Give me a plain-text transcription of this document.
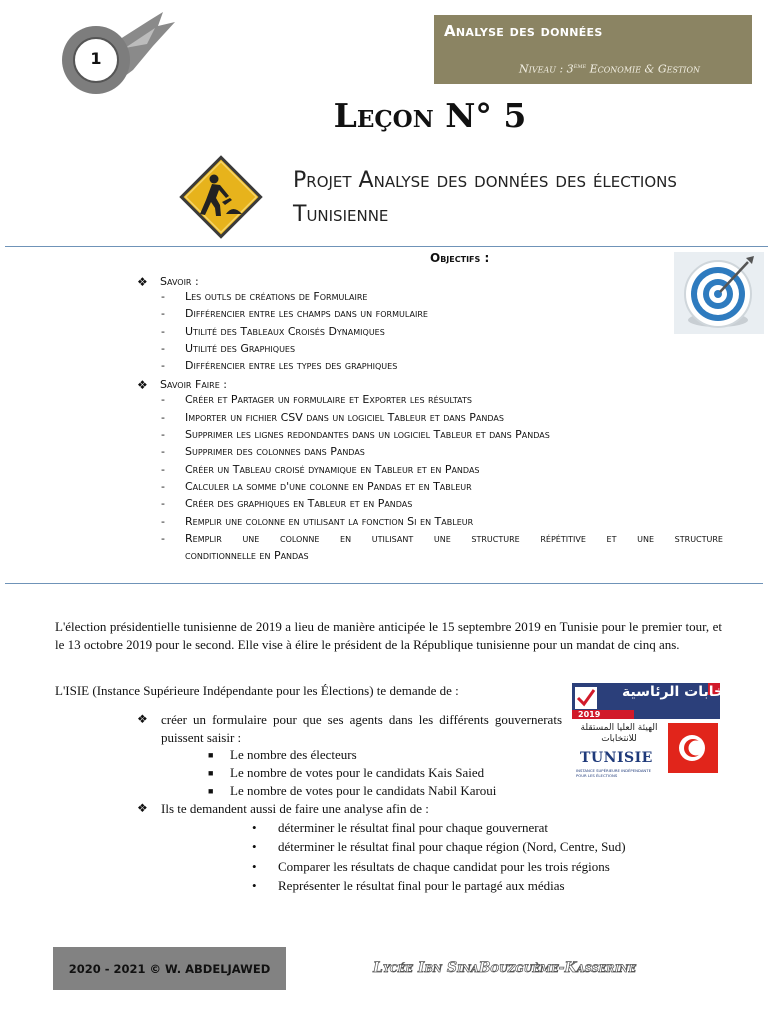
1
Analyse des données
Niveau : 3ème Economie & Gestion
Leçon N° 5
Projet Analyse des données des élections Tunisienne
Objectifs :
❖	Savoir :
-	Les outls de créations de Formulaire
-	Différencier entre les champs dans un formulaire
-	Utilité des Tableaux Croisés Dynamiques
-	Utilité des Graphiques
-	Différencier entre les types des graphiques
❖	Savoir Faire :
-	Créer et Partager un formulaire et Exporter les résultats
-	Importer un fichier CSV dans un logiciel Tableur et dans Pandas
-	Supprimer les lignes redondantes dans un logiciel Tableur et dans Pandas
-	Supprimer des colonnes dans Pandas
-	Créer un Tableau croisé dynamique en Tableur et en Pandas
-	Calculer la somme d'une colonne en Pandas et en Tableur
-	Créer des graphiques en Tableur et en Pandas
-	Remplir une colonne en utilisant la fonction Si en Tableur
-	Remplir une colonne en utilisant une structure répétitive et une structure
conditionnelle en Pandas
L'élection présidentielle tunisienne de 2019 a lieu de manière anticipée le 15 septembre 2019 en Tunisie pour le premier tour, et le 13 octobre 2019 pour le second. Elle vise à élire le président de la République tunisienne pour un mandat de cinq ans.
L'ISIE (Instance Supérieure Indépendante pour les Élections) te demande de :	الانتخابات الرئاسية
2019
الهيئة العليا المستقلة للانتخابات
TUNISIE
INSTANCE SUPÉRIEURE INDÉPENDANTE POUR LES ÉLECTIONS
❖	créer un formulaire pour que ses agents dans les différents gouvernerats puissent saisir :
■	Le nombre des électeurs
■	Le nombre de votes pour le candidats Kais Saied
■	Le nombre de votes pour le candidats Nabil Karoui
❖	Ils te demandent aussi de faire une analyse afin de :
•	déterminer le résultat final pour chaque gouvernerat
•	déterminer le résultat final pour chaque région (Nord, Centre, Sud)
•	Comparer les résultats de chaque candidat pour les trois régions
•	Représenter le résultat final pour le partagé aux médias
2020 - 2021 © W. ABDELJAWED	Lycée Ibn SinaBouzguème-Kasserine
